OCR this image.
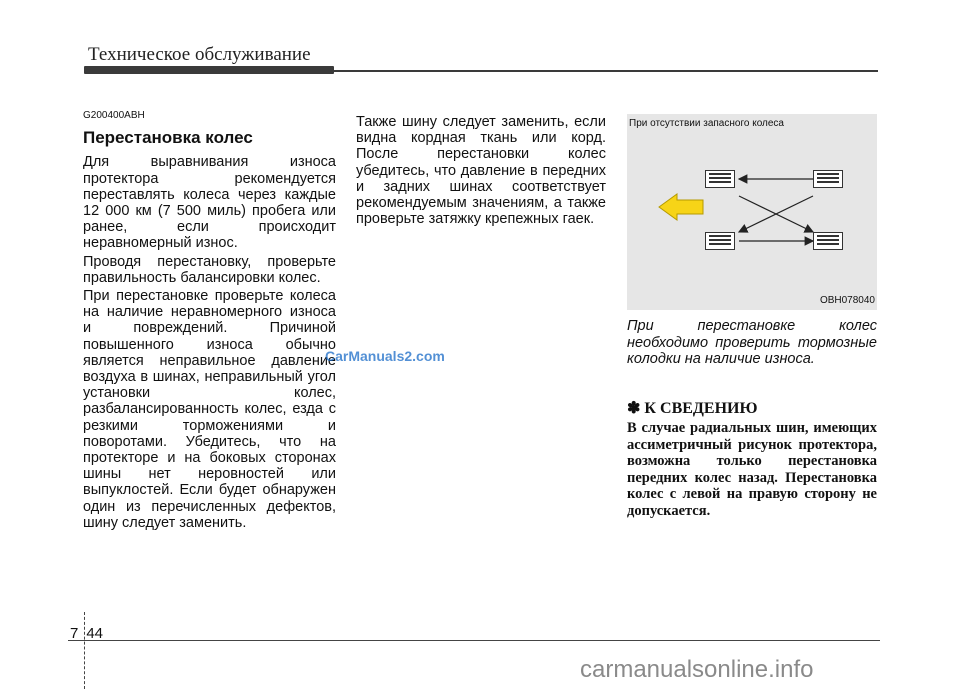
Техническое обслуживание
G200400ABH
Перестановка колес
Для выравнивания износа протектора рекомендуется переставлять колеса через каждые 12 000 км (7 500 миль) пробега или ранее, если происходит неравномерный износ.
Проводя перестановку, проверьте правильность балансировки колес.
При перестановке проверьте колеса на наличие неравномерного износа и повреждений. Причиной повышенного износа обычно является неправильное давление воздуха в шинах, неправильный угол установки колес, разбалансированность колес, езда с резкими торможениями и поворотами. Убедитесь, что на протекторе и на боковых сторонах шины нет неровностей или выпуклостей. Если будет обнаружен один из перечисленных дефектов, шину следует заменить.
Также шину следует заменить, если видна кордная ткань или корд. После перестановки колес убедитесь, что давление в передних и задних шинах соответствует рекомендуемым значениям, а также проверьте затяжку крепежных гаек.
При отсутствии запасного колеса
OBH078040
При перестановке колес необходимо проверить тормозные колодки на наличие износа.
✽ К СВЕДЕНИЮ
В случае радиальных шин, имеющих ассиметричный рисунок протектора, возможна только перестановка передних колес назад. Перестановка колес с левой на правую сторону не допускается.
CarManuals2.com
7 44
carmanualsonline.info
